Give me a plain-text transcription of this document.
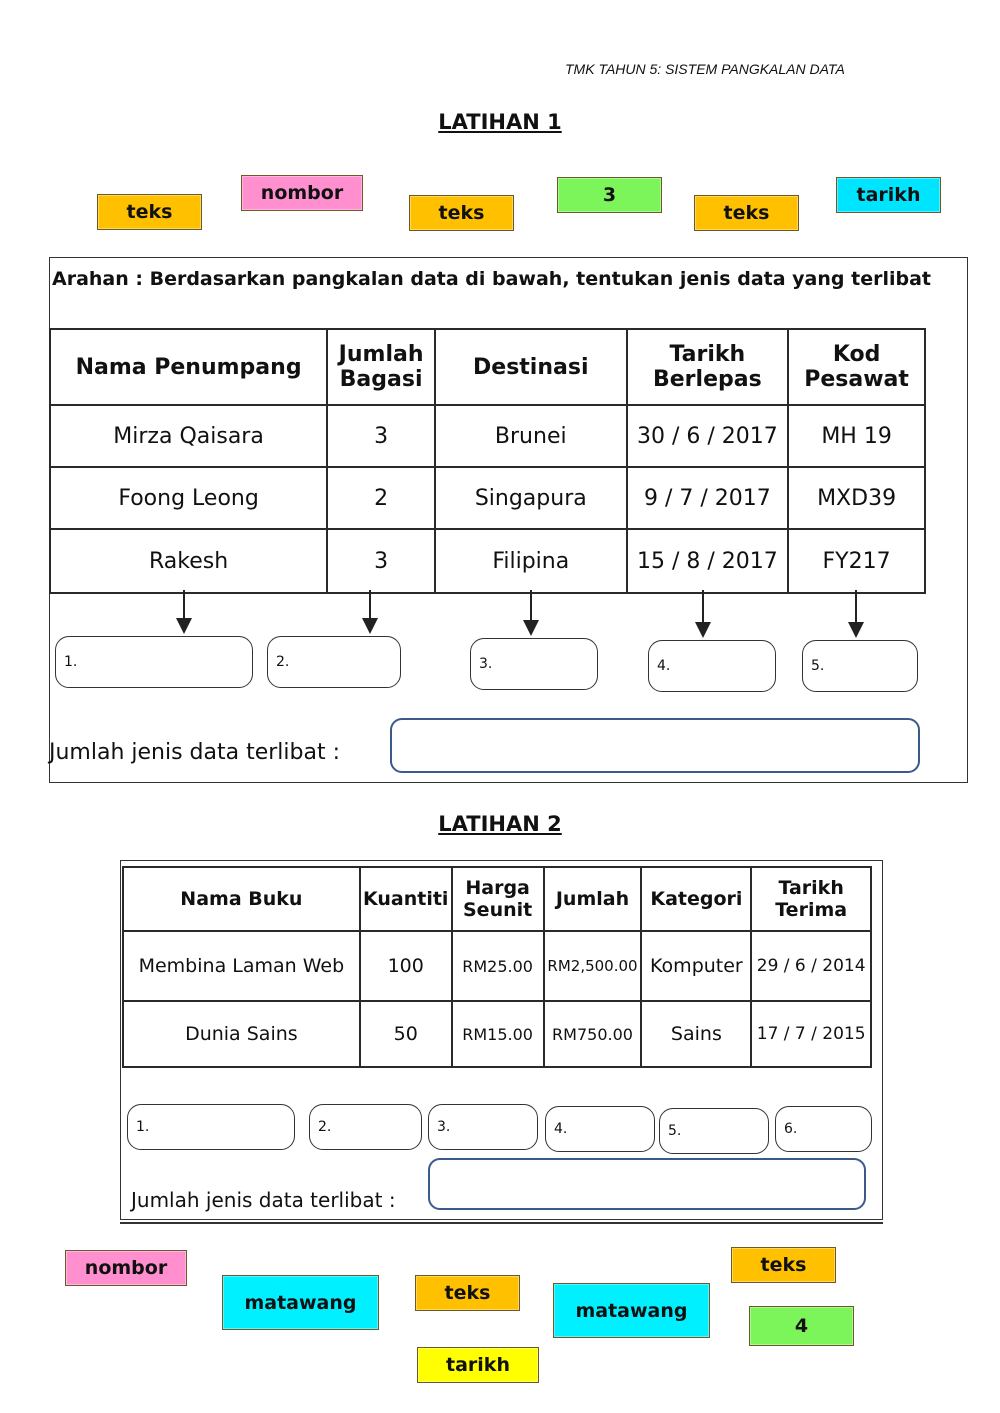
TMK TAHUN 5: SISTEM PANGKALAN DATA
LATIHAN 1
teks
nombor
teks
3
teks
tarikh
Arahan : Berdasarkan pangkalan data di bawah, tentukan jenis data yang terlibat
Nama Penumpang	Jumlah Bagasi	Destinasi	Tarikh Berlepas	Kod Pesawat
Mirza Qaisara	3	Brunei	30 / 6 / 2017	MH 19
Foong Leong	2	Singapura	9 / 7 / 2017	MXD39
Rakesh	3	Filipina	15 / 8 / 2017	FY217
1.	2.	3.	4.	5.
Jumlah jenis data terlibat :
LATIHAN 2
Nama Buku	Kuantiti	Harga Seunit	Jumlah	Kategori	Tarikh Terima
Membina Laman Web	100	RM25.00	RM2,500.00	Komputer	29 / 6 / 2014
Dunia Sains	50	RM15.00	RM750.00	Sains	17 / 7 / 2015
1.	2.	3.	4.	5.	6.
Jumlah jenis data terlibat :
nombor
matawang	teks
matawang
teks
4
tarikh
